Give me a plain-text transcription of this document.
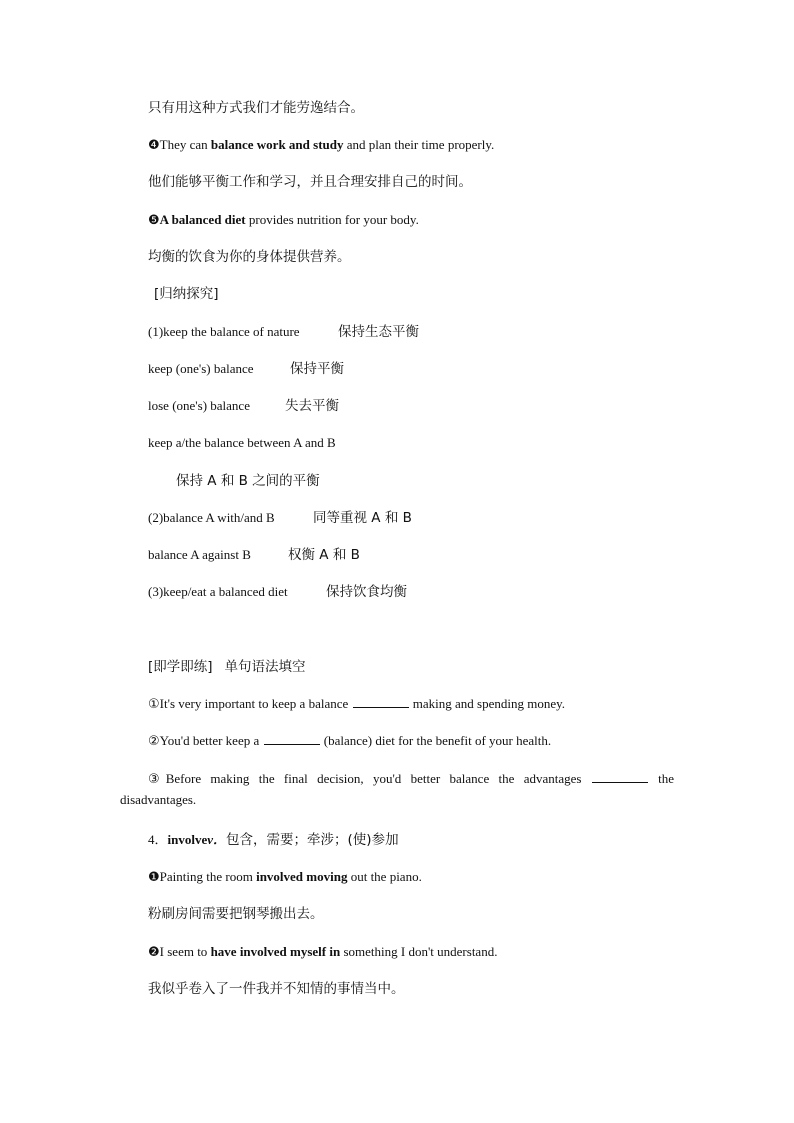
只有用这种方式我们才能劳逸结合。
❹They can balance work and study and plan their time properly.
他们能够平衡工作和学习，并且合理安排自己的时间。
❺A balanced diet provides nutrition for your body.
均衡的饮食为你的身体提供营养。
[归纳探究]
(1)keep the balance of nature	保持生态平衡
keep (one's) balance	保持平衡
lose (one's) balance	失去平衡
keep a/the balance between A and B
保持 A 和 B 之间的平衡
(2)balance A with/and B	同等重视 A 和 B
balance A against B	权衡 A 和 B
(3)keep/eat a balanced diet	保持饮食均衡
[即学即练] 单句语法填空
①It's very important to keep a balance	making and spending money.
②You'd better keep a	(balance) diet for the benefit of your health.
③Before making the final decision, you'd better balance the advantages	the disadvantages.
4．involvev．包含，需要；牵涉；(使)参加
❶Painting the room involved moving out the piano.
粉刷房间需要把钢琴搬出去。
❷I seem to have involved myself in something I don't understand.
我似乎卷入了一件我并不知情的事情当中。
